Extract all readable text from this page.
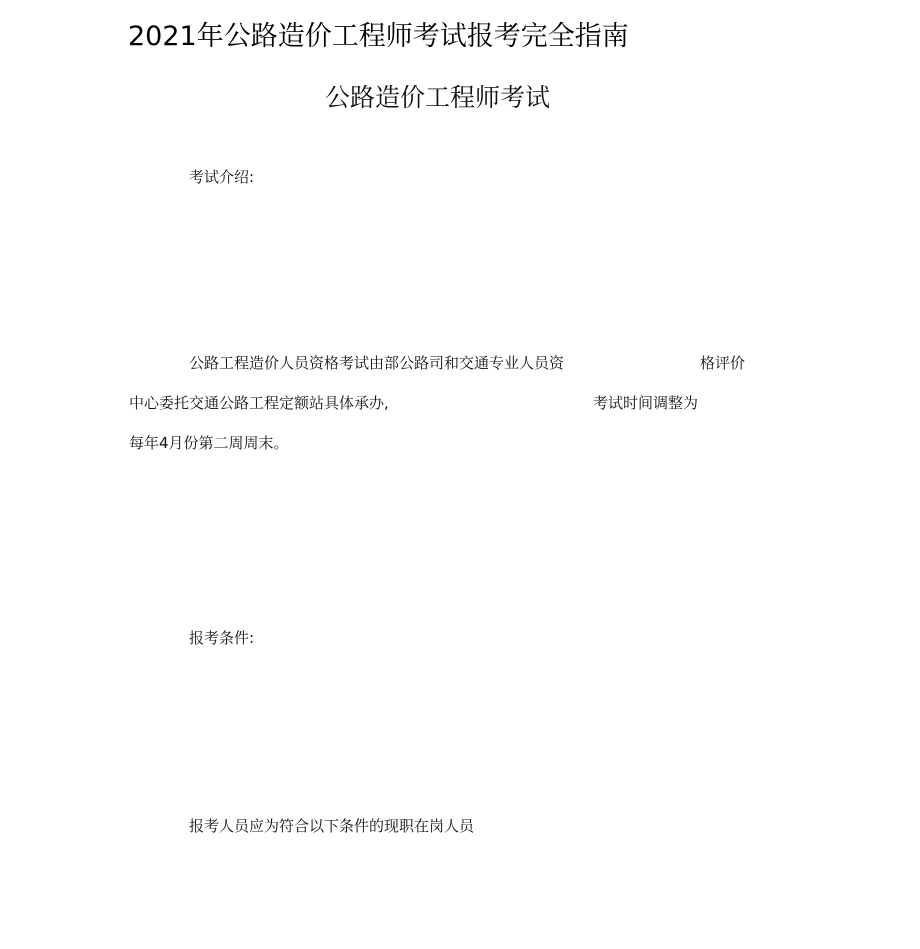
2021年公路造价工程师考试报考完全指南
公路造价工程师考试
考试介绍:
公路工程造价人员资格考试由部公路司和交通专业人员资	格评价
中心委托交通公路工程定额站具体承办,	考试时间调整为
每年4月份第二周周末。
报考条件:
报考人员应为符合以下条件的现职在岗人员
